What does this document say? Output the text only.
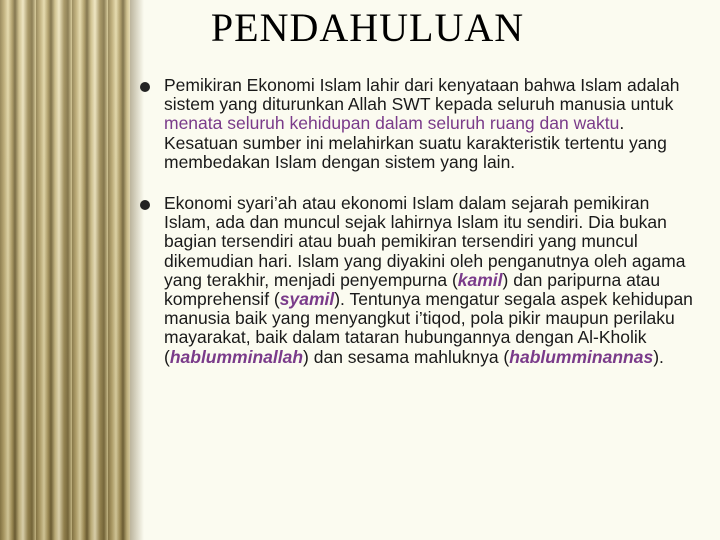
PENDAHULUAN

Pemikiran Ekonomi Islam lahir dari kenyataan bahwa Islam adalah sistem yang diturunkan Allah SWT kepada seluruh manusia untuk menata seluruh kehidupan dalam seluruh ruang dan waktu. Kesatuan sumber ini melahirkan suatu karakteristik tertentu yang membedakan Islam dengan sistem yang lain.

Ekonomi syari’ah atau ekonomi Islam dalam sejarah pemikiran Islam, ada dan muncul sejak lahirnya Islam itu sendiri. Dia bukan bagian tersendiri atau buah pemikiran tersendiri yang muncul dikemudian hari. Islam yang diyakini oleh penganutnya oleh agama yang terakhir, menjadi penyempurna (kamil) dan paripurna atau komprehensif (syamil). Tentunya mengatur segala aspek kehidupan manusia baik yang menyangkut i’tiqod, pola pikir maupun perilaku mayarakat, baik dalam tataran hubungannya dengan Al-Kholik (hablumminallah) dan sesama mahluknya (hablumminannas).
